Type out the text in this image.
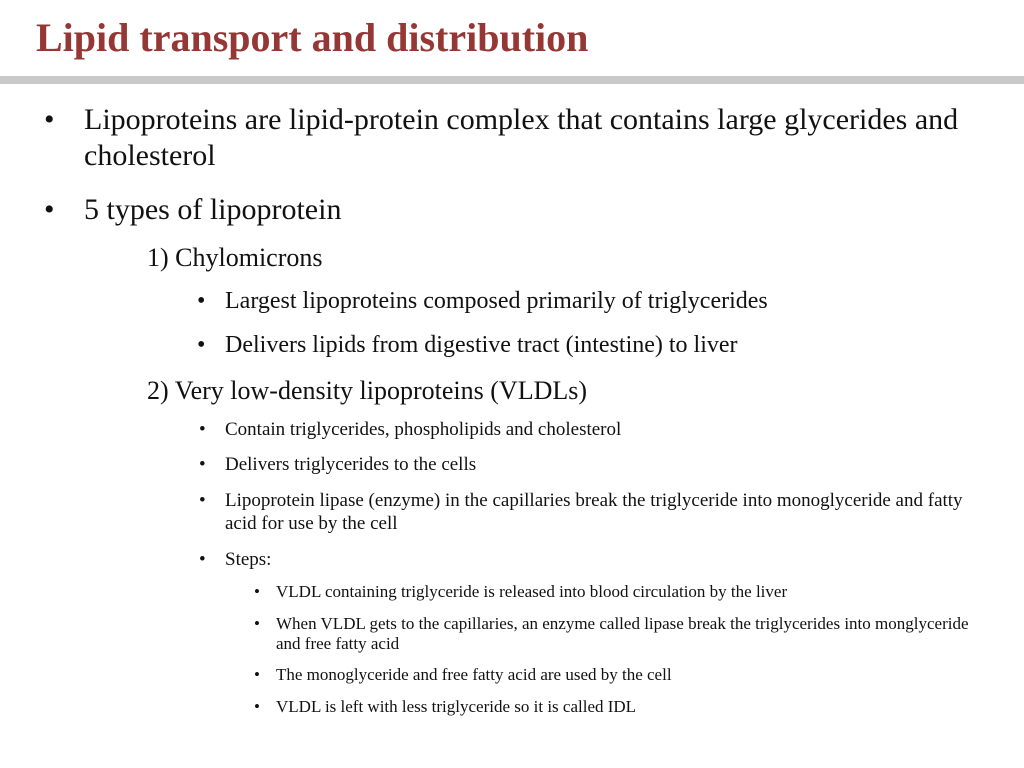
Lipid transport and distribution
• Lipoproteins are lipid-protein complex that contains large glycerides and cholesterol
• 5 types of lipoprotein
1) Chylomicrons
• Largest lipoproteins composed primarily of triglycerides
• Delivers lipids from digestive tract (intestine) to liver
2) Very low-density lipoproteins (VLDLs)
• Contain triglycerides, phospholipids and cholesterol
• Delivers triglycerides to the cells
• Lipoprotein lipase (enzyme) in the capillaries break the triglyceride into monoglyceride and fatty acid for use by the cell
• Steps:
• VLDL containing triglyceride is released into blood circulation by the liver
• When VLDL gets to the capillaries, an enzyme called lipase break the triglycerides into monglyceride and free fatty acid
• The monoglyceride and free fatty acid are used by the cell
• VLDL is left with less triglyceride so it is called IDL
